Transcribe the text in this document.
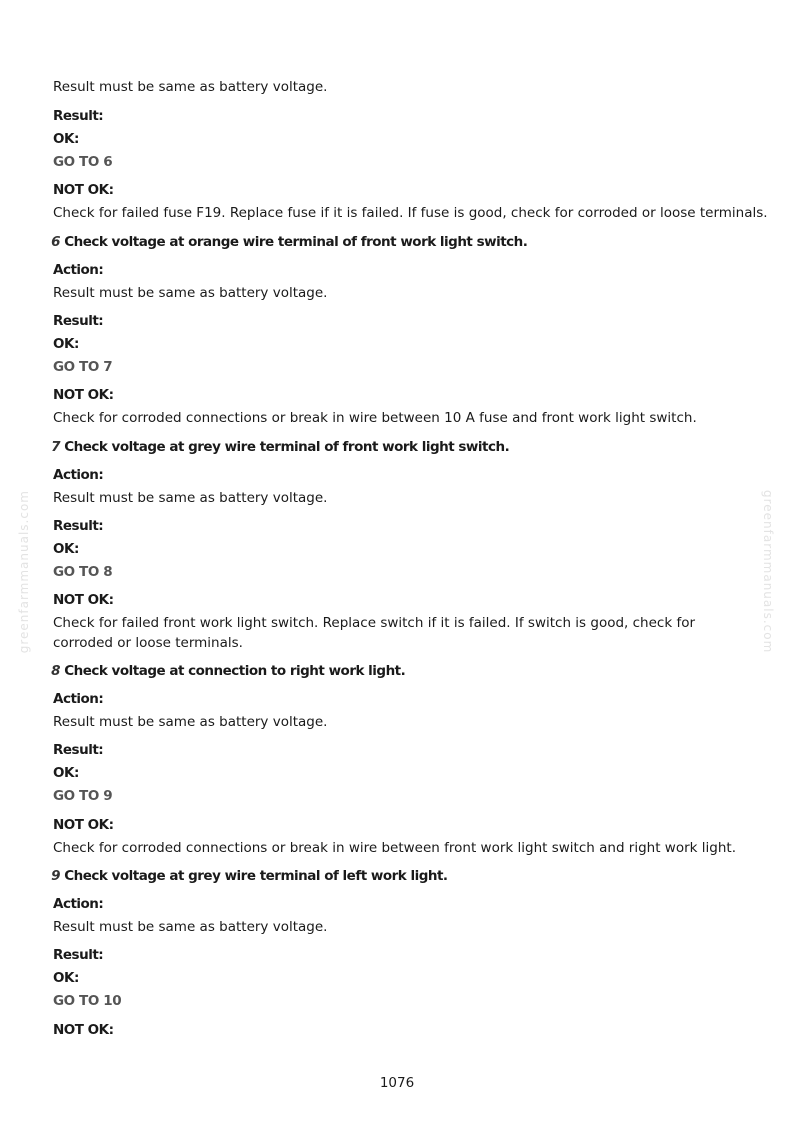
Result must be same as battery voltage.
Result:
OK:
GO TO 6
NOT OK:
Check for failed fuse F19. Replace fuse if it is failed. If fuse is good, check for corroded or loose terminals.
6 Check voltage at orange wire terminal of front work light switch.
Action:
Result must be same as battery voltage.
Result:
OK:
GO TO 7
NOT OK:
Check for corroded connections or break in wire between 10 A fuse and front work light switch.
7 Check voltage at grey wire terminal of front work light switch.
Action:
Result must be same as battery voltage.
Result:
OK:
GO TO 8
NOT OK:
Check for failed front work light switch. Replace switch if it is failed. If switch is good, check for corroded or loose terminals.
8 Check voltage at connection to right work light.
Action:
Result must be same as battery voltage.
Result:
OK:
GO TO 9
NOT OK:
Check for corroded connections or break in wire between front work light switch and right work light.
9 Check voltage at grey wire terminal of left work light.
Action:
Result must be same as battery voltage.
Result:
OK:
GO TO 10
NOT OK:
greenfarmmanuals.com	greenfarmmanuals.com
1076
